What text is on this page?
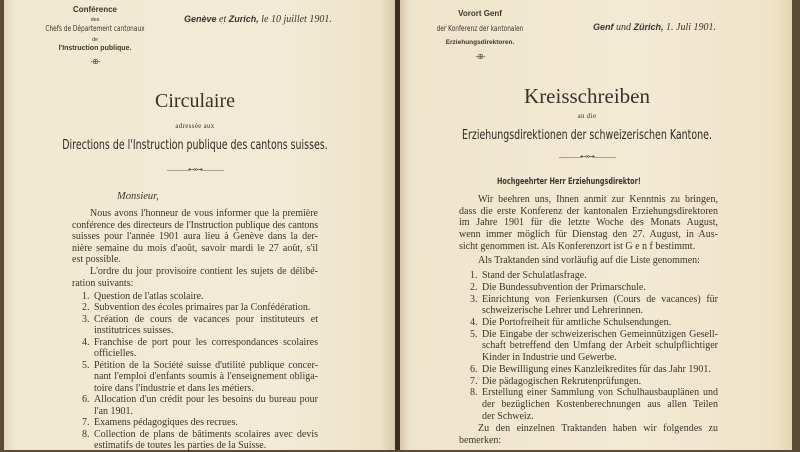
Conférence
des
Chefs de Département cantonaux
de
l'Instruction publique.
-⊕-
Genève et Zurich, le 10 juillet 1901.
Circulaire
adressée aux
Directions de l'Instruction publique des cantons suisses.
———⊷⊶———
Monsieur,
Vorort Genf
der Konferenz der kantonalen
Erziehungsdirektoren.
-⊕-
Genf und Zürich, 1. Juli 1901.
Kreisschreiben
an die
Erziehungsdirektionen der schweizerischen Kantone.
———⊷⊶———
Hochgeehrter Herr Erziehungsdirektor!
Nous avons l'honneur de vous informer que la première
conférence des directeurs de l'Instruction publique des cantons
suisses pour l'année 1901 aura lieu à Genève dans la der-
nière semaine du mois d'août, savoir mardi le 27 août, s'il
est possible.
L'ordre du jour provisoire contient les sujets de délibé-
ration suivants:
1. Question de l'atlas scolaire.
2. Subvention des écoles primaires par la Confédération.
3. Création de cours de vacances pour instituteurs et
institutrices suisses.
4. Franchise de port pour les correspondances scolaires
officielles.
5. Pétition de la Société suisse d'utilité publique concer-
nant l'emploi d'enfants soumis à l'enseignement obliga-
toire dans l'industrie et dans les métiers.
6. Allocation d'un crédit pour les besoins du bureau pour
l'an 1901.
7. Examens pédagogiques des recrues.
8. Collection de plans de bâtiments scolaires avec devis
estimatifs de toutes les parties de la Suisse.
Wir beehren uns, Ihnen anmit zur Kenntnis zu bringen,
dass die erste Konferenz der kantonalen Erziehungsdirektoren
im Jahre 1901 für die letzte Woche des Monats August,
wenn immer möglich für Dienstag den 27. August, in Aus-
sicht genommen ist. Als Konferenzort ist G e n f bestimmt.
Als Traktanden sind vorläufig auf die Liste genommen:
1. Stand der Schulatlasfrage.
2. Die Bundessubvention der Primarschule.
3. Einrichtung von Ferienkursen (Cours de vacances) für
schweizerische Lehrer und Lehrerinnen.
4. Die Portofreiheit für amtliche Schulsendungen.
5. Die Eingabe der schweizerischen Gemeinnützigen Gesell-
schaft betreffend den Umfang der Arbeit schulpflichtiger
Kinder in Industrie und Gewerbe.
6. Die Bewilligung eines Kanzleikredites für das Jahr 1901.
7. Die pädagogischen Rekrutenprüfungen.
8. Erstellung einer Sammlung von Schulhausbauplänen und
der bezüglichen Kostenberechnungen aus allen Teilen
der Schweiz.
Zu den einzelnen Traktanden haben wir folgendes zu
bemerken:
